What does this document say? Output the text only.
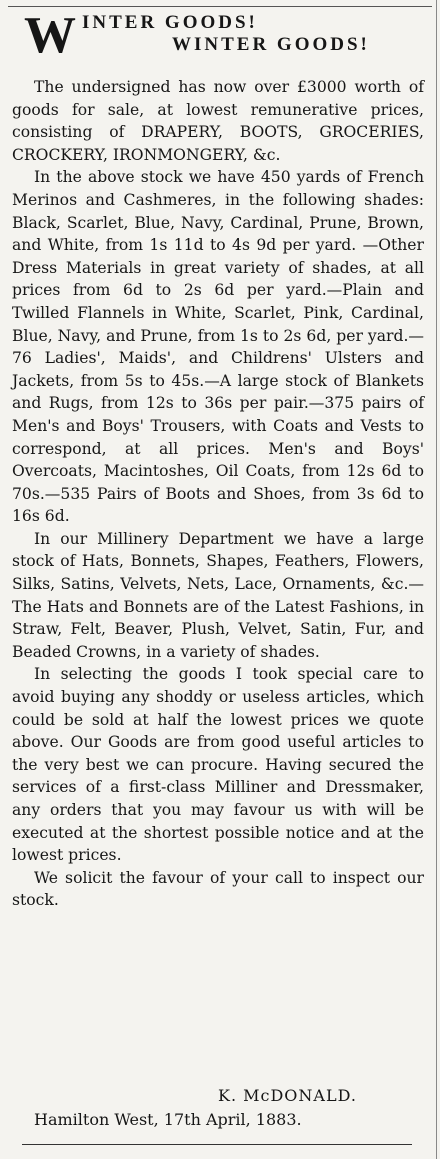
W INTER GOODS!
WINTER GOODS!

The undersigned has now over £3000 worth of goods for sale, at lowest remunerative prices, consisting of DRAPERY, BOOTS, GROCERIES, CROCKERY, IRONMONGERY, &c.

In the above stock we have 450 yards of French Merinos and Cashmeres, in the following shades: Black, Scarlet, Blue, Navy, Cardinal, Prune, Brown, and White, from 1s 11d to 4s 9d per yard. —Other Dress Materials in great variety of shades, at all prices from 6d to 2s 6d per yard.—Plain and Twilled Flannels in White, Scarlet, Pink, Cardinal, Blue, Navy, and Prune, from 1s to 2s 6d, per yard.—76 Ladies', Maids', and Childrens' Ulsters and Jackets, from 5s to 45s.—A large stock of Blankets and Rugs, from 12s to 36s per pair.—375 pairs of Men's and Boys' Trousers, with Coats and Vests to correspond, at all prices. Men's and Boys' Overcoats, Macintoshes, Oil Coats, from 12s 6d to 70s.—535 Pairs of Boots and Shoes, from 3s 6d to 16s 6d.

In our Millinery Department we have a large stock of Hats, Bonnets, Shapes, Feathers, Flowers, Silks, Satins, Velvets, Nets, Lace, Ornaments, &c.—The Hats and Bonnets are of the Latest Fashions, in Straw, Felt, Beaver, Plush, Velvet, Satin, Fur, and Beaded Crowns, in a variety of shades.

In selecting the goods I took special care to avoid buying any shoddy or useless articles, which could be sold at half the lowest prices we quote above. Our Goods are from good useful articles to the very best we can procure. Having secured the services of a first-class Milliner and Dressmaker, any orders that you may favour us with will be executed at the shortest possible notice and at the lowest prices.

We solicit the favour of your call to inspect our stock.

K. McDONALD.
Hamilton West, 17th April, 1883.
